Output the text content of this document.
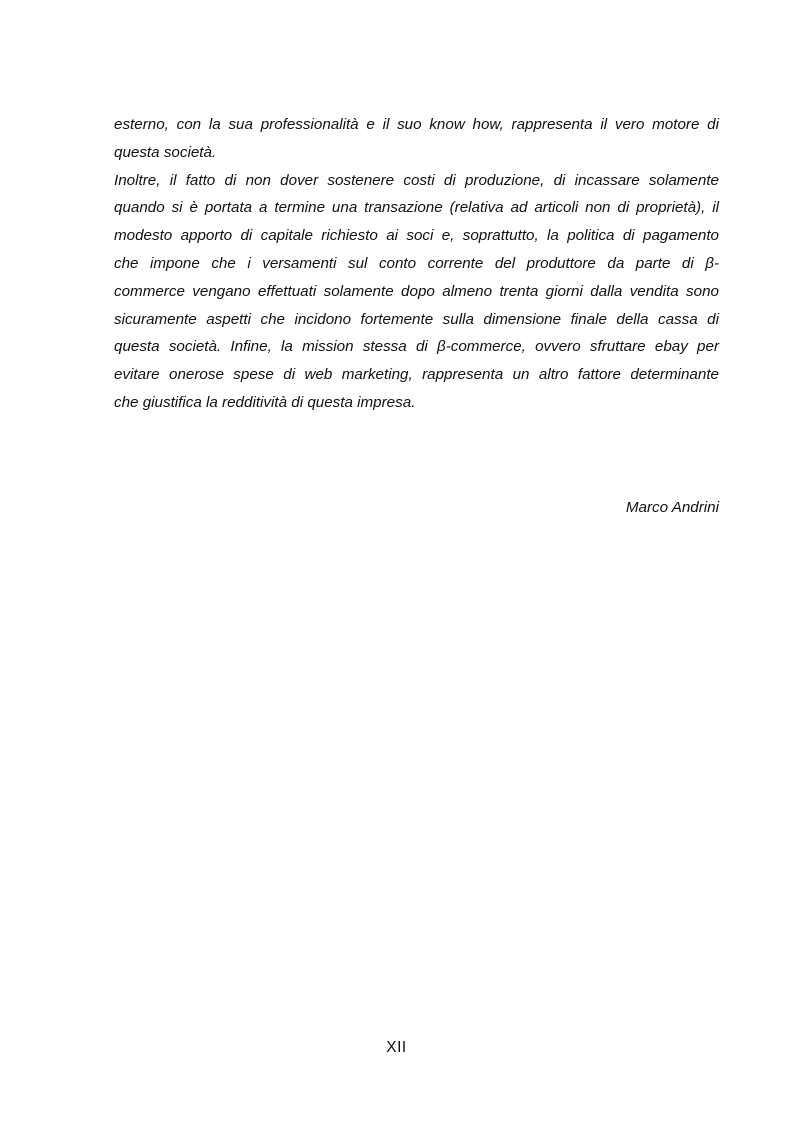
esterno, con la sua professionalità e il suo know how, rappresenta il vero motore di
questa società.
Inoltre, il fatto di non dover sostenere costi di produzione, di incassare solamente
quando si è portata a termine una transazione (relativa ad articoli non di proprietà), il
modesto apporto di capitale richiesto ai soci e, soprattutto, la politica di pagamento
che impone che i versamenti sul conto corrente del produttore da parte di β-
commerce vengano effettuati solamente dopo almeno trenta giorni dalla vendita sono
sicuramente aspetti che incidono fortemente sulla dimensione finale della cassa di
questa società. Infine, la mission stessa di β-commerce, ovvero sfruttare ebay per
evitare onerose spese di web marketing, rappresenta un altro fattore determinante
che giustifica la redditività di questa impresa.
Marco Andrini
XII
